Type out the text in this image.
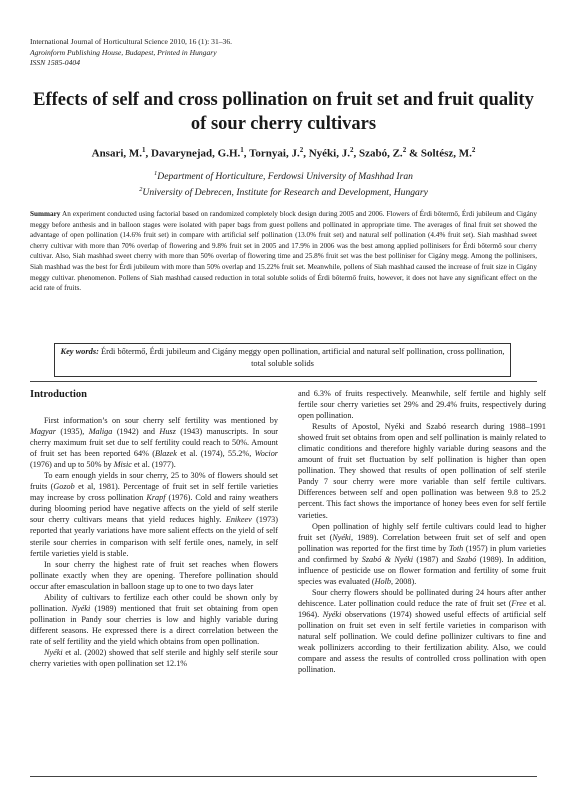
International Journal of Horticultural Science 2010, 16 (1): 31–36.
Agroinform Publishing House, Budapest, Printed in Hungary
ISSN 1585-0404
Effects of self and cross pollination on fruit set and fruit quality of sour cherry cultivars
Ansari, M.$^1$, Davarynejad, G.H.$^1$, Tornyai, J.$^2$, Nyéki, J.$^2$, Szabó, Z.$^2$ & Soltész, M.$^2$
$^1$Department of Horticulture, Ferdowsi University of Mashhad Iran
$^2$University of Debrecen, Institute for Research and Development, Hungary
Summary An experiment conducted using factorial based on randomized completely block design during 2005 and 2006. Flowers of Érdi bőtermő, Érdi jubileum and Cigány meggy before anthesis and in balloon stages were isolated with paper bags from guest pollens and pollinated in appropriate time. The averages of final fruit set showed the advantage of open pollination (14.6% fruit set) in compare with artificial self pollination (13.0% fruit set) and natural self pollination (4.4% fruit set). Siah mashhad sweet cherry cultivar with more than 70% overlap of flowering and 9.8% fruit set in 2005 and 17.9% in 2006 was the best among applied pollinisers for Érdi bőtermő sour cherry cultivar. Also, Siah mashhad sweet cherry with more than 50% overlap of flowering time and 25.8% fruit set was the best polliniser for Cigány megg. Among the pollinisers, Siah mashhad was the best for Érdi jubileum with more than 50% overlap and 15.22% fruit set. Meanwhile, pollens of Siah mashhad caused the increase of fruit size in Cigány meggy cultivar. phenomenon. Pollens of Siah mashhad caused reduction in total soluble solids of Érdi bőtermő fruits, however, it does not have any significant effect on the acid rate of fruits.
Key words: Érdi bőtermő, Érdi jubileum and Cigány meggy open pollination, artificial and natural self pollination, cross pollination, total soluble solids
Introduction

First information’s on sour cherry self fertility was mentioned by Magyar (1935), Maliga (1942) and Husz (1943) manuscripts. In sour cherry maximum fruit set due to self fertility could reach to 50%. Amount of fruit set has been reported 64% (Blazek et al. (1974), 55.2%, Wocior (1976) and up to 50% by Misic et al. (1977).

To earn enough yields in sour cherry, 25 to 30% of flowers should set fruits (Gozob et al, 1981). Percentage of fruit set in self fertile varieties may increase by cross pollination Krapf (1976). Cold and rainy weathers during blooming period have negative affects on the yield of self sterile sour cherry cultivars means that yield reduces highly. Enikeev (1973) reported that yearly variations have more salient effects on the yield of self sterile sour cherries in comparison with self fertile ones, namely, in self fertile varieties yield is stable.

In sour cherry the highest rate of fruit set reaches when flowers pollinate exactly when they are opening. Therefore pollination should occur after emasculation in balloon stage up to one to two days later

Ability of cultivars to fertilize each other could be shown only by pollination. Nyéki (1989) mentioned that fruit set obtaining from open pollination in Pandy sour cherries is low and highly variable during different seasons. He expressed there is a direct correlation between the rate of self fertility and the yield which obtains from open pollination.

Nyéki et al. (2002) showed that self sterile and highly self sterile sour cherry varieties with open pollination set 12.1%

and 6.3% of fruits respectively. Meanwhile, self fertile and highly self fertile sour cherry varieties set 29% and 29.4% fruits, respectively during open pollination.

Results of Apostol, Nyéki and Szabó research during 1988–1991 showed fruit set obtains from open and self pollination is mainly related to climatic conditions and therefore highly variable during seasons and the amount of fruit set fluctuation by self pollination is higher than open pollination. They showed that results of open pollination of self sterile Pandy 7 sour cherry were more variable than self fertile cultivars. Differences between self and open pollination was between 9.8 to 25.2 percent. This fact shows the importance of honey bees even for self fertile varieties.

Open pollination of highly self fertile cultivars could lead to higher fruit set (Nyéki, 1989). Correlation between fruit set of self and open pollination was reported for the first time by Toth (1957) in plum varieties and confirmed by Szabó & Nyéki (1987) and Szabó (1989). In addition, influence of pesticide use on flower formation and fertility of some fruit species was evaluated (Holb, 2008).

Sour cherry flowers should be pollinated during 24 hours after anther dehiscence. Later pollination could reduce the rate of fruit set (Free et al. 1964). Nyéki observations (1974) showed useful effects of artificial self pollination on fruit set even in self fertile varieties in comparison with natural self pollination. We could define pollinizer cultivars to fine and weak pollinizers according to their fertilization ability. Also, we could compare and assess the results of controlled cross pollination with open pollination.
